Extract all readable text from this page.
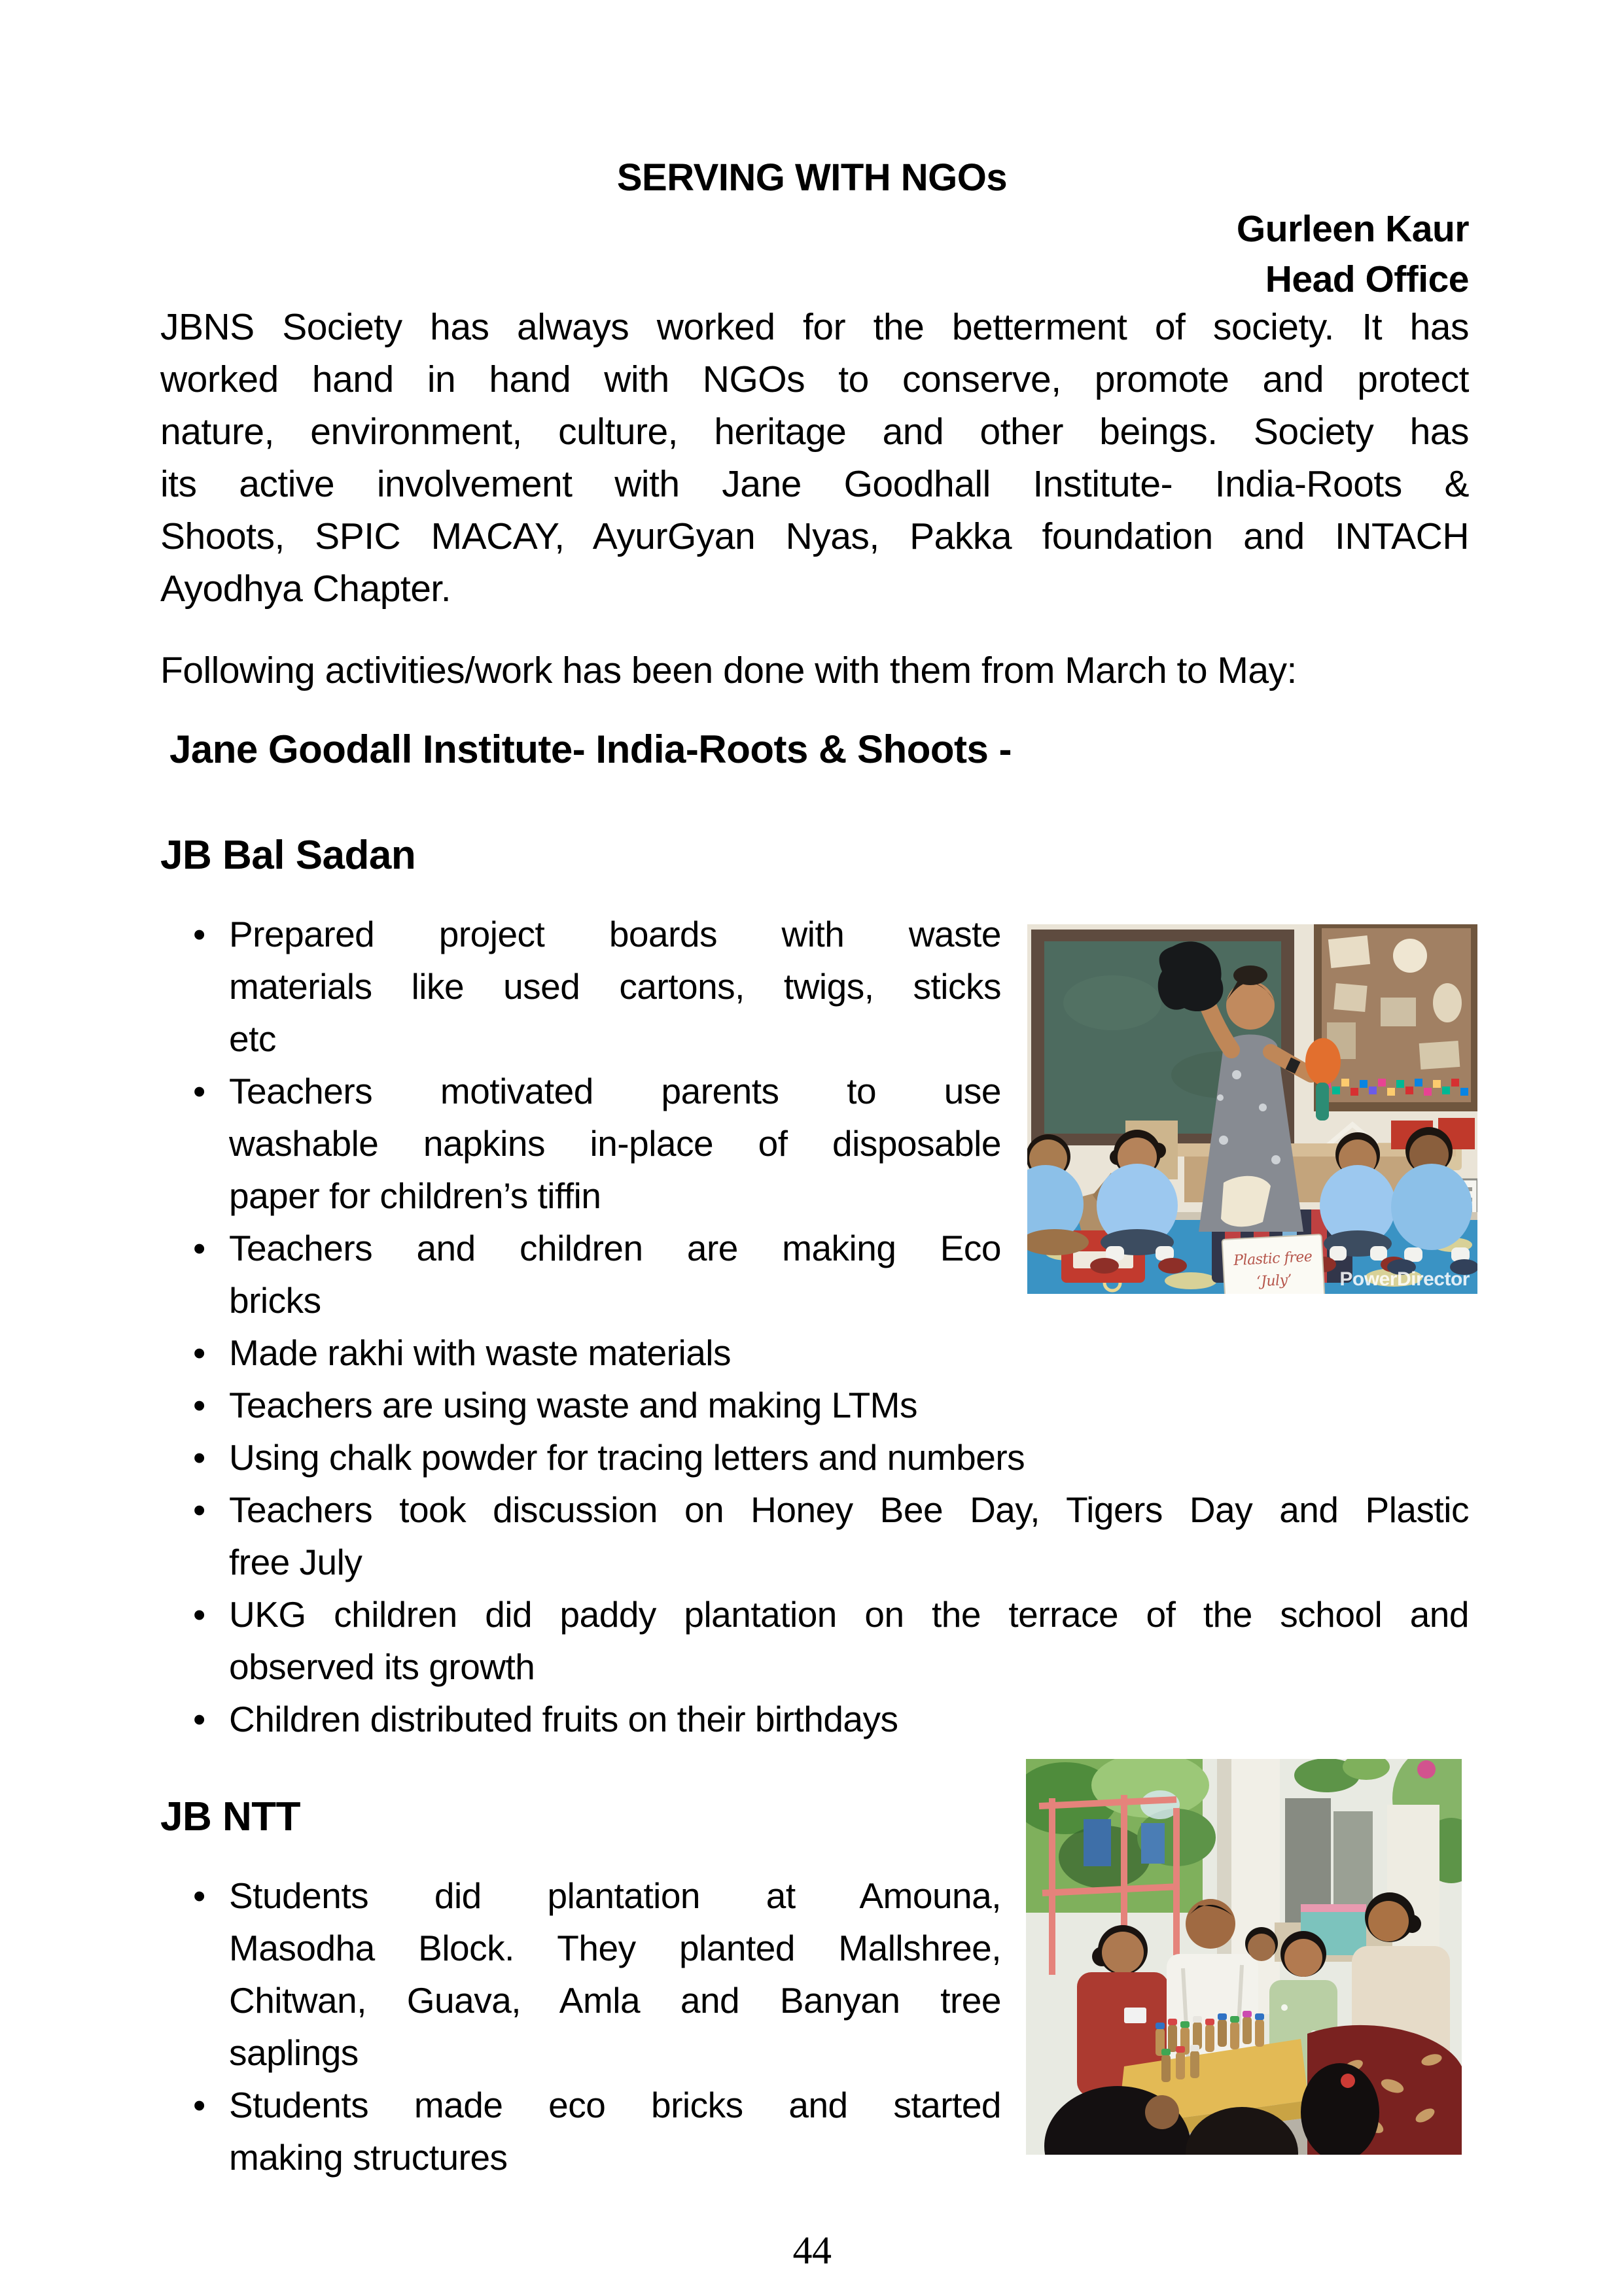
SERVING WITH NGOs
Gurleen Kaur
Head Office
JBNS Society has always worked for the betterment of society. It has
worked hand in hand with NGOs to conserve, promote and protect
nature, environment, culture, heritage and other beings. Society has
its active involvement with Jane Goodhall Institute- India-Roots &
Shoots, SPIC MACAY, AyurGyan Nyas, Pakka foundation and INTACH
Ayodhya Chapter.
Following activities/work has been done with them from March to May:
Jane Goodall Institute- India-Roots & Shoots -
JB Bal Sadan
• Prepared project boards with waste
materials like used cartons, twigs, sticks
etc
• Teachers motivated parents to use
washable napkins in-place of disposable
paper for children’s tiffin
• Teachers and children are making Eco
bricks
• Made rakhi with waste materials
• Teachers are using waste and making LTMs
• Using chalk powder for tracing letters and numbers
• Teachers took discussion on Honey Bee Day, Tigers Day and Plastic
free July
• UKG children did paddy plantation on the terrace of the school and
observed its growth
• Children distributed fruits on their birthdays
JB NTT
• Students did plantation at Amouna,
Masodha Block. They planted Mallshree,
Chitwan, Guava, Amla and Banyan tree
saplings
• Students made eco bricks and started
making structures
Plastic free
‘July’ PowerDirector
44
